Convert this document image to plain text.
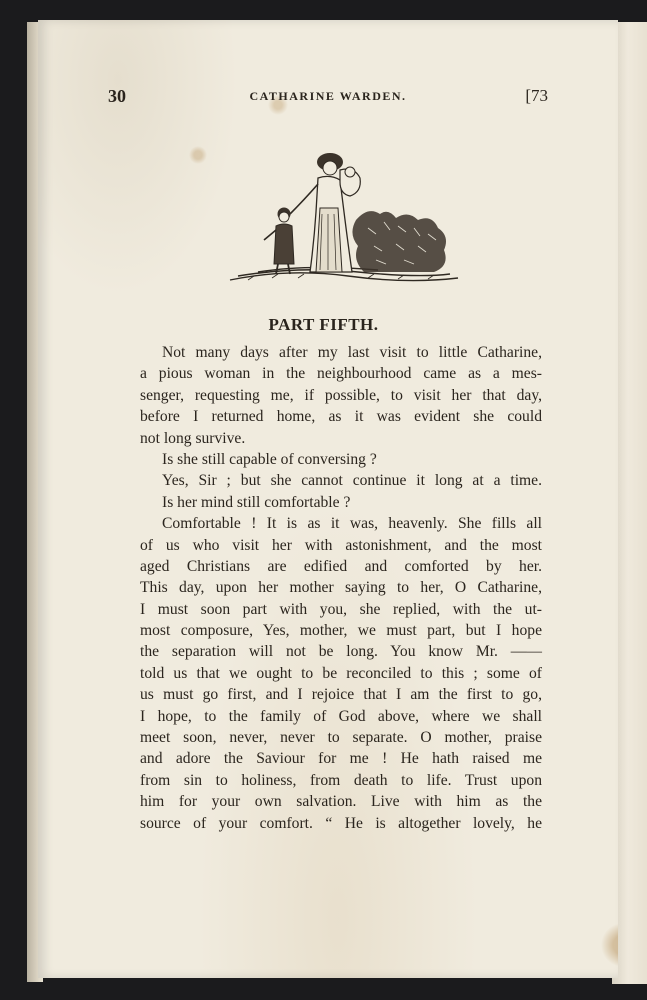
30	CATHARINE WARDEN.	[73
PART FIFTH.
Not many days after my last visit to little Catharine,
a pious woman in the neighbourhood came as a mes-
senger, requesting me, if possible, to visit her that day,
before I returned home, as it was evident she could
not long survive.
Is she still capable of conversing ?
Yes, Sir ; but she cannot continue it long at a time.
Is her mind still comfortable ?
Comfortable ! It is as it was, heavenly. She fills all
of us who visit her with astonishment, and the most
aged Christians are edified and comforted by her.
This day, upon her mother saying to her, O Catharine,
I must soon part with you, she replied, with the ut-
most composure, Yes, mother, we must part, but I hope
the separation will not be long. You know Mr. ——
told us that we ought to be reconciled to this ; some of
us must go first, and I rejoice that I am the first to go,
I hope, to the family of God above, where we shall
meet soon, never, never to separate. O mother, praise
and adore the Saviour for me ! He hath raised me
from sin to holiness, from death to life. Trust upon
him for your own salvation. Live with him as the
source of your comfort. “ He is altogether lovely, he
